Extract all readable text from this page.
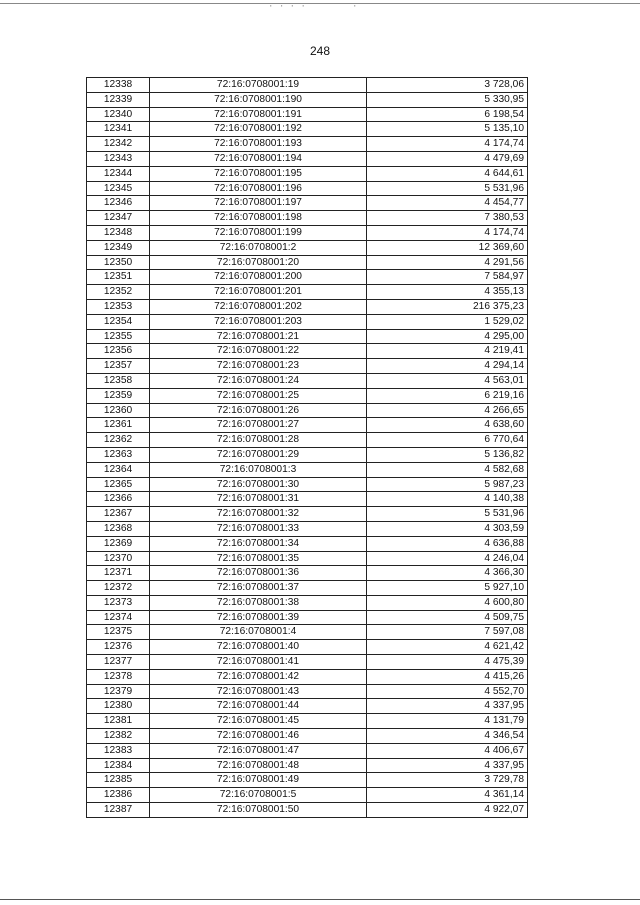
· · · ·	·
248
12338	72:16:0708001:19	3 728,06
12339	72:16:0708001:190	5 330,95
12340	72:16:0708001:191	6 198,54
12341	72:16:0708001:192	5 135,10
12342	72:16:0708001:193	4 174,74
12343	72:16:0708001:194	4 479,69
12344	72:16:0708001:195	4 644,61
12345	72:16:0708001:196	5 531,96
12346	72:16:0708001:197	4 454,77
12347	72:16:0708001:198	7 380,53
12348	72:16:0708001:199	4 174,74
12349	72:16:0708001:2	12 369,60
12350	72:16:0708001:20	4 291,56
12351	72:16:0708001:200	7 584,97
12352	72:16:0708001:201	4 355,13
12353	72:16:0708001:202	216 375,23
12354	72:16:0708001:203	1 529,02
12355	72:16:0708001:21	4 295,00
12356	72:16:0708001:22	4 219,41
12357	72:16:0708001:23	4 294,14
12358	72:16:0708001:24	4 563,01
12359	72:16:0708001:25	6 219,16
12360	72:16:0708001:26	4 266,65
12361	72:16:0708001:27	4 638,60
12362	72:16:0708001:28	6 770,64
12363	72:16:0708001:29	5 136,82
12364	72:16:0708001:3	4 582,68
12365	72:16:0708001:30	5 987,23
12366	72:16:0708001:31	4 140,38
12367	72:16:0708001:32	5 531,96
12368	72:16:0708001:33	4 303,59
12369	72:16:0708001:34	4 636,88
12370	72:16:0708001:35	4 246,04
12371	72:16:0708001:36	4 366,30
12372	72:16:0708001:37	5 927,10
12373	72:16:0708001:38	4 600,80
12374	72:16:0708001:39	4 509,75
12375	72:16:0708001:4	7 597,08
12376	72:16:0708001:40	4 621,42
12377	72:16:0708001:41	4 475,39
12378	72:16:0708001:42	4 415,26
12379	72:16:0708001:43	4 552,70
12380	72:16:0708001:44	4 337,95
12381	72:16:0708001:45	4 131,79
12382	72:16:0708001:46	4 346,54
12383	72:16:0708001:47	4 406,67
12384	72:16:0708001:48	4 337,95
12385	72:16:0708001:49	3 729,78
12386	72:16:0708001:5	4 361,14
12387	72:16:0708001:50	4 922,07
